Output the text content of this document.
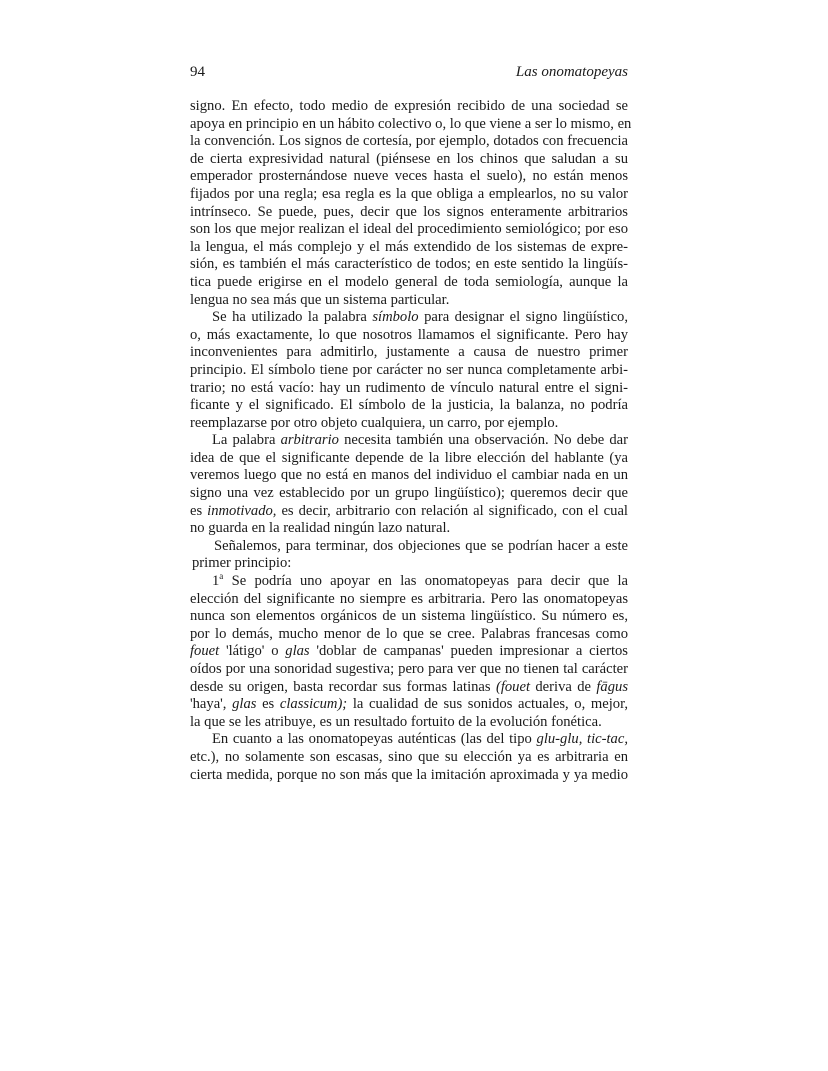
94	Las onomatopeyas
signo. En efecto, todo medio de expresión recibido de una sociedad se
apoya en principio en un hábito colectivo o, lo que viene a ser lo mismo, en
la convención. Los signos de cortesía, por ejemplo, dotados con frecuencia
de cierta expresividad natural (piénsese en los chinos que saludan a su
emperador prosternándose nueve veces hasta el suelo), no están menos
fijados por una regla; esa regla es la que obliga a emplearlos, no su valor
intrínseco. Se puede, pues, decir que los signos enteramente arbitrarios
son los que mejor realizan el ideal del procedimiento semiológico; por eso
la lengua, el más complejo y el más extendido de los sistemas de expre-
sión, es también el más característico de todos; en este sentido la lingüís-
tica puede erigirse en el modelo general de toda semiología, aunque la
lengua no sea más que un sistema particular.
Se ha utilizado la palabra símbolo para designar el signo lingüístico,
o, más exactamente, lo que nosotros llamamos el significante. Pero hay
inconvenientes para admitirlo, justamente a causa de nuestro primer
principio. El símbolo tiene por carácter no ser nunca completamente arbi-
trario; no está vacío: hay un rudimento de vínculo natural entre el signi-
ficante y el significado. El símbolo de la justicia, la balanza, no podría
reemplazarse por otro objeto cualquiera, un carro, por ejemplo.
La palabra arbitrario necesita también una observación. No debe dar
idea de que el significante depende de la libre elección del hablante (ya
veremos luego que no está en manos del individuo el cambiar nada en un
signo una vez establecido por un grupo lingüístico); queremos decir que
es inmotivado, es decir, arbitrario con relación al significado, con el cual
no guarda en la realidad ningún lazo natural.
Señalemos, para terminar, dos objeciones que se podrían hacer a este
primer principio:
1$^a$ Se podría uno apoyar en las onomatopeyas para decir que la
elección del significante no siempre es arbitraria. Pero las onomatopeyas
nunca son elementos orgánicos de un sistema lingüístico. Su número es,
por lo demás, mucho menor de lo que se cree. Palabras francesas como
fouet 'látigo' o glas 'doblar de campanas' pueden impresionar a ciertos
oídos por una sonoridad sugestiva; pero para ver que no tienen tal carácter
desde su origen, basta recordar sus formas latinas (fouet deriva de fāgus
'haya', glas es classicum); la cualidad de sus sonidos actuales, o, mejor,
la que se les atribuye, es un resultado fortuito de la evolución fonética.
En cuanto a las onomatopeyas auténticas (las del tipo glu-glu, tic-tac,
etc.), no solamente son escasas, sino que su elección ya es arbitraria en
cierta medida, porque no son más que la imitación aproximada y ya medio
